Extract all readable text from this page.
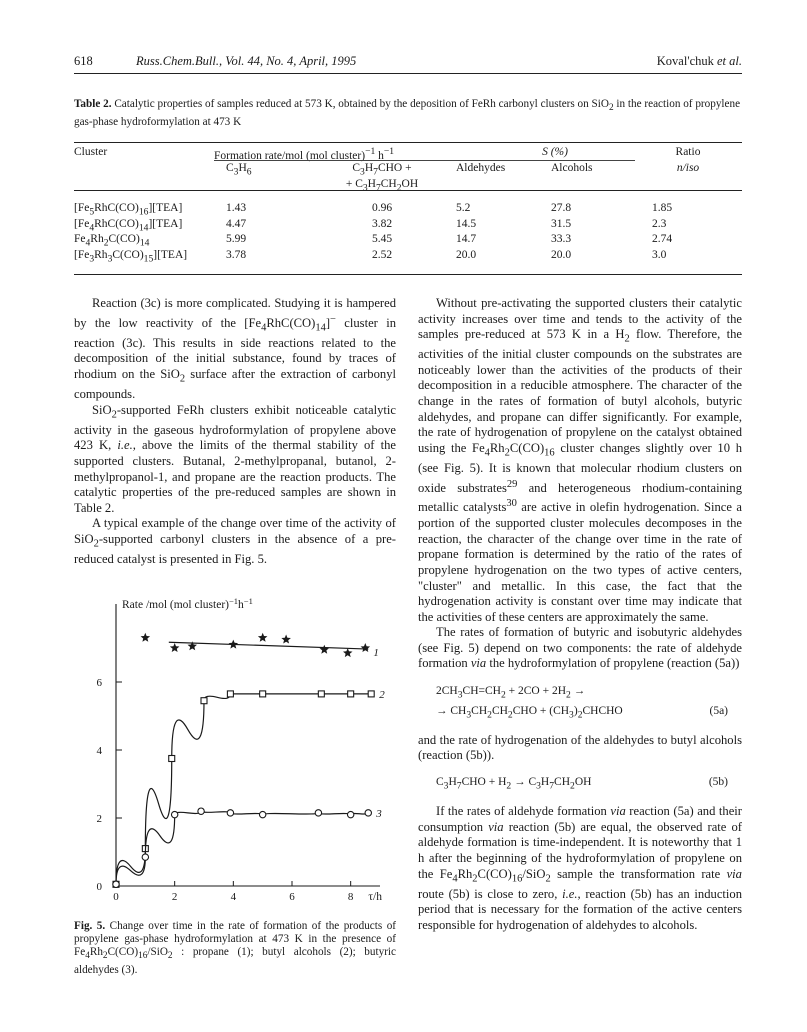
618	Russ.Chem.Bull., Vol. 44, No. 4, April, 1995	Koval'chuk et al.
Table 2. Catalytic properties of samples reduced at 573 K, obtained by the deposition of FeRh carbonyl clusters on SiO$_2$ in the reaction of propylene gas-phase hydroformylation at 473 K
Cluster	Formation rate/mol (mol cluster)$^{-1}$ $h^{-1}$	S (%)	Ratio
$C_3H_6$	$C_3H_7CHO$ +
+ $C_3H_7CH_2OH$
Aldehydes	Alcohols	n/iso
$[Fe_5RhC(CO)_{16}][TEA]$	1.43	0.96	5.2	27.8	1.85
$[Fe_4RhC(CO)_{14}][TEA]$	4.47	3.82	14.5	31.5	2.3
$Fe_4Rh_2C(CO)_{14}$	5.99	5.45	14.7	33.3	2.74
$[Fe_3Rh_3C(CO)_{15}][TEA]$	3.78	2.52	20.0	20.0	3.0

Reaction (3c) is more complicated. Studying it is hampered by the low reactivity of the $[Fe_4RhC(CO)_{14}]^-$ cluster in reaction (3c). This results in side reactions related to the decomposition of the initial substance, found by traces of rhodium on the SiO$_2$ surface after the extraction of carbonyl compounds.

SiO$_2$-supported FeRh clusters exhibit noticeable catalytic activity in the gaseous hydroformylation of propylene above 423 K, i.e., above the limits of the thermal stability of the supported clusters. Butanal, 2-methylpropanal, butanol, 2-methylpropanol-1, and propane are the reaction products. The catalytic properties of the pre-reduced samples are shown in Table 2.

A typical example of the change over time of the activity of SiO$_2$-supported carbonyl clusters in the absence of a pre-reduced catalyst is presented in Fig. 5.

0
2
4
6
0	2	4	6	8
Rate /mol (mol $cluster)^{-1}h^{-1}$
τ/h
1
2
3
Fig. 5. Change over time in the rate of formation of the products of propylene gas-phase hydroformylation at 473 K in the presence of $Fe_4Rh_2C(CO)_{16}/SiO_2$ : propane (1); butyl alcohols (2); butyric aldehydes (3).

Without pre-activating the supported clusters their catalytic activity increases over time and tends to the activity of the samples pre-reduced at 573 K in a $H_2$ flow. Therefore, the activities of the initial cluster compounds on the substrates are noticeably lower than the activities of the products of their decomposition in a reducible atmosphere. The character of the change in the rates of formation of butyl alcohols, butyric aldehydes, and propane can differ significantly. For example, the rate of hydrogenation of propylene on the catalyst obtained using the $Fe_4Rh_2C(CO)_{16}$ cluster changes slightly over 10 h (see Fig. 5). It is known that molecular rhodium clusters on oxide substrates$^{29}$ and heterogeneous rhodium-containing metallic catalysts$^{30}$ are active in olefin hydrogenation. Since a portion of the supported cluster molecules decomposes in the reaction, the character of the change over time in the rate of propane formation is determined by the ratio of the rates of propylene hydrogenation on the two types of active centers, "cluster" and metallic. In this case, the fact that the hydrogenation activity is constant over time may indicate that the activities of these centers are approximately the same.

The rates of formation of butyric and isobutyric aldehydes (see Fig. 5) depend on two components: the rate of aldehyde formation via the hydroformylation of propylene (reaction (5a))

$2CH_3CH=CH_2 + 2CO + 2H_2$ →
→ $CH_3CH_2CH_2CHO$ + $(CH_3)_2CHCHO$	(5a)

and the rate of hydrogenation of the aldehydes to butyl alcohols (reaction (5b)).

$C_3H_7CHO + H_2 \to C_3H_7CH_2OH$	(5b)

If the rates of aldehyde formation via reaction (5a) and their consumption via reaction (5b) are equal, the observed rate of aldehyde formation is time-independent. It is noteworthy that 1 h after the beginning of the hydroformylation of propylene on the $Fe_4Rh_2C(CO)_{16}/SiO_2$ sample the transformation rate via route (5b) is close to zero, i.e., reaction (5b) has an induction period that is necessary for the formation of the active centers responsible for hydrogenation of aldehydes to alcohols.
